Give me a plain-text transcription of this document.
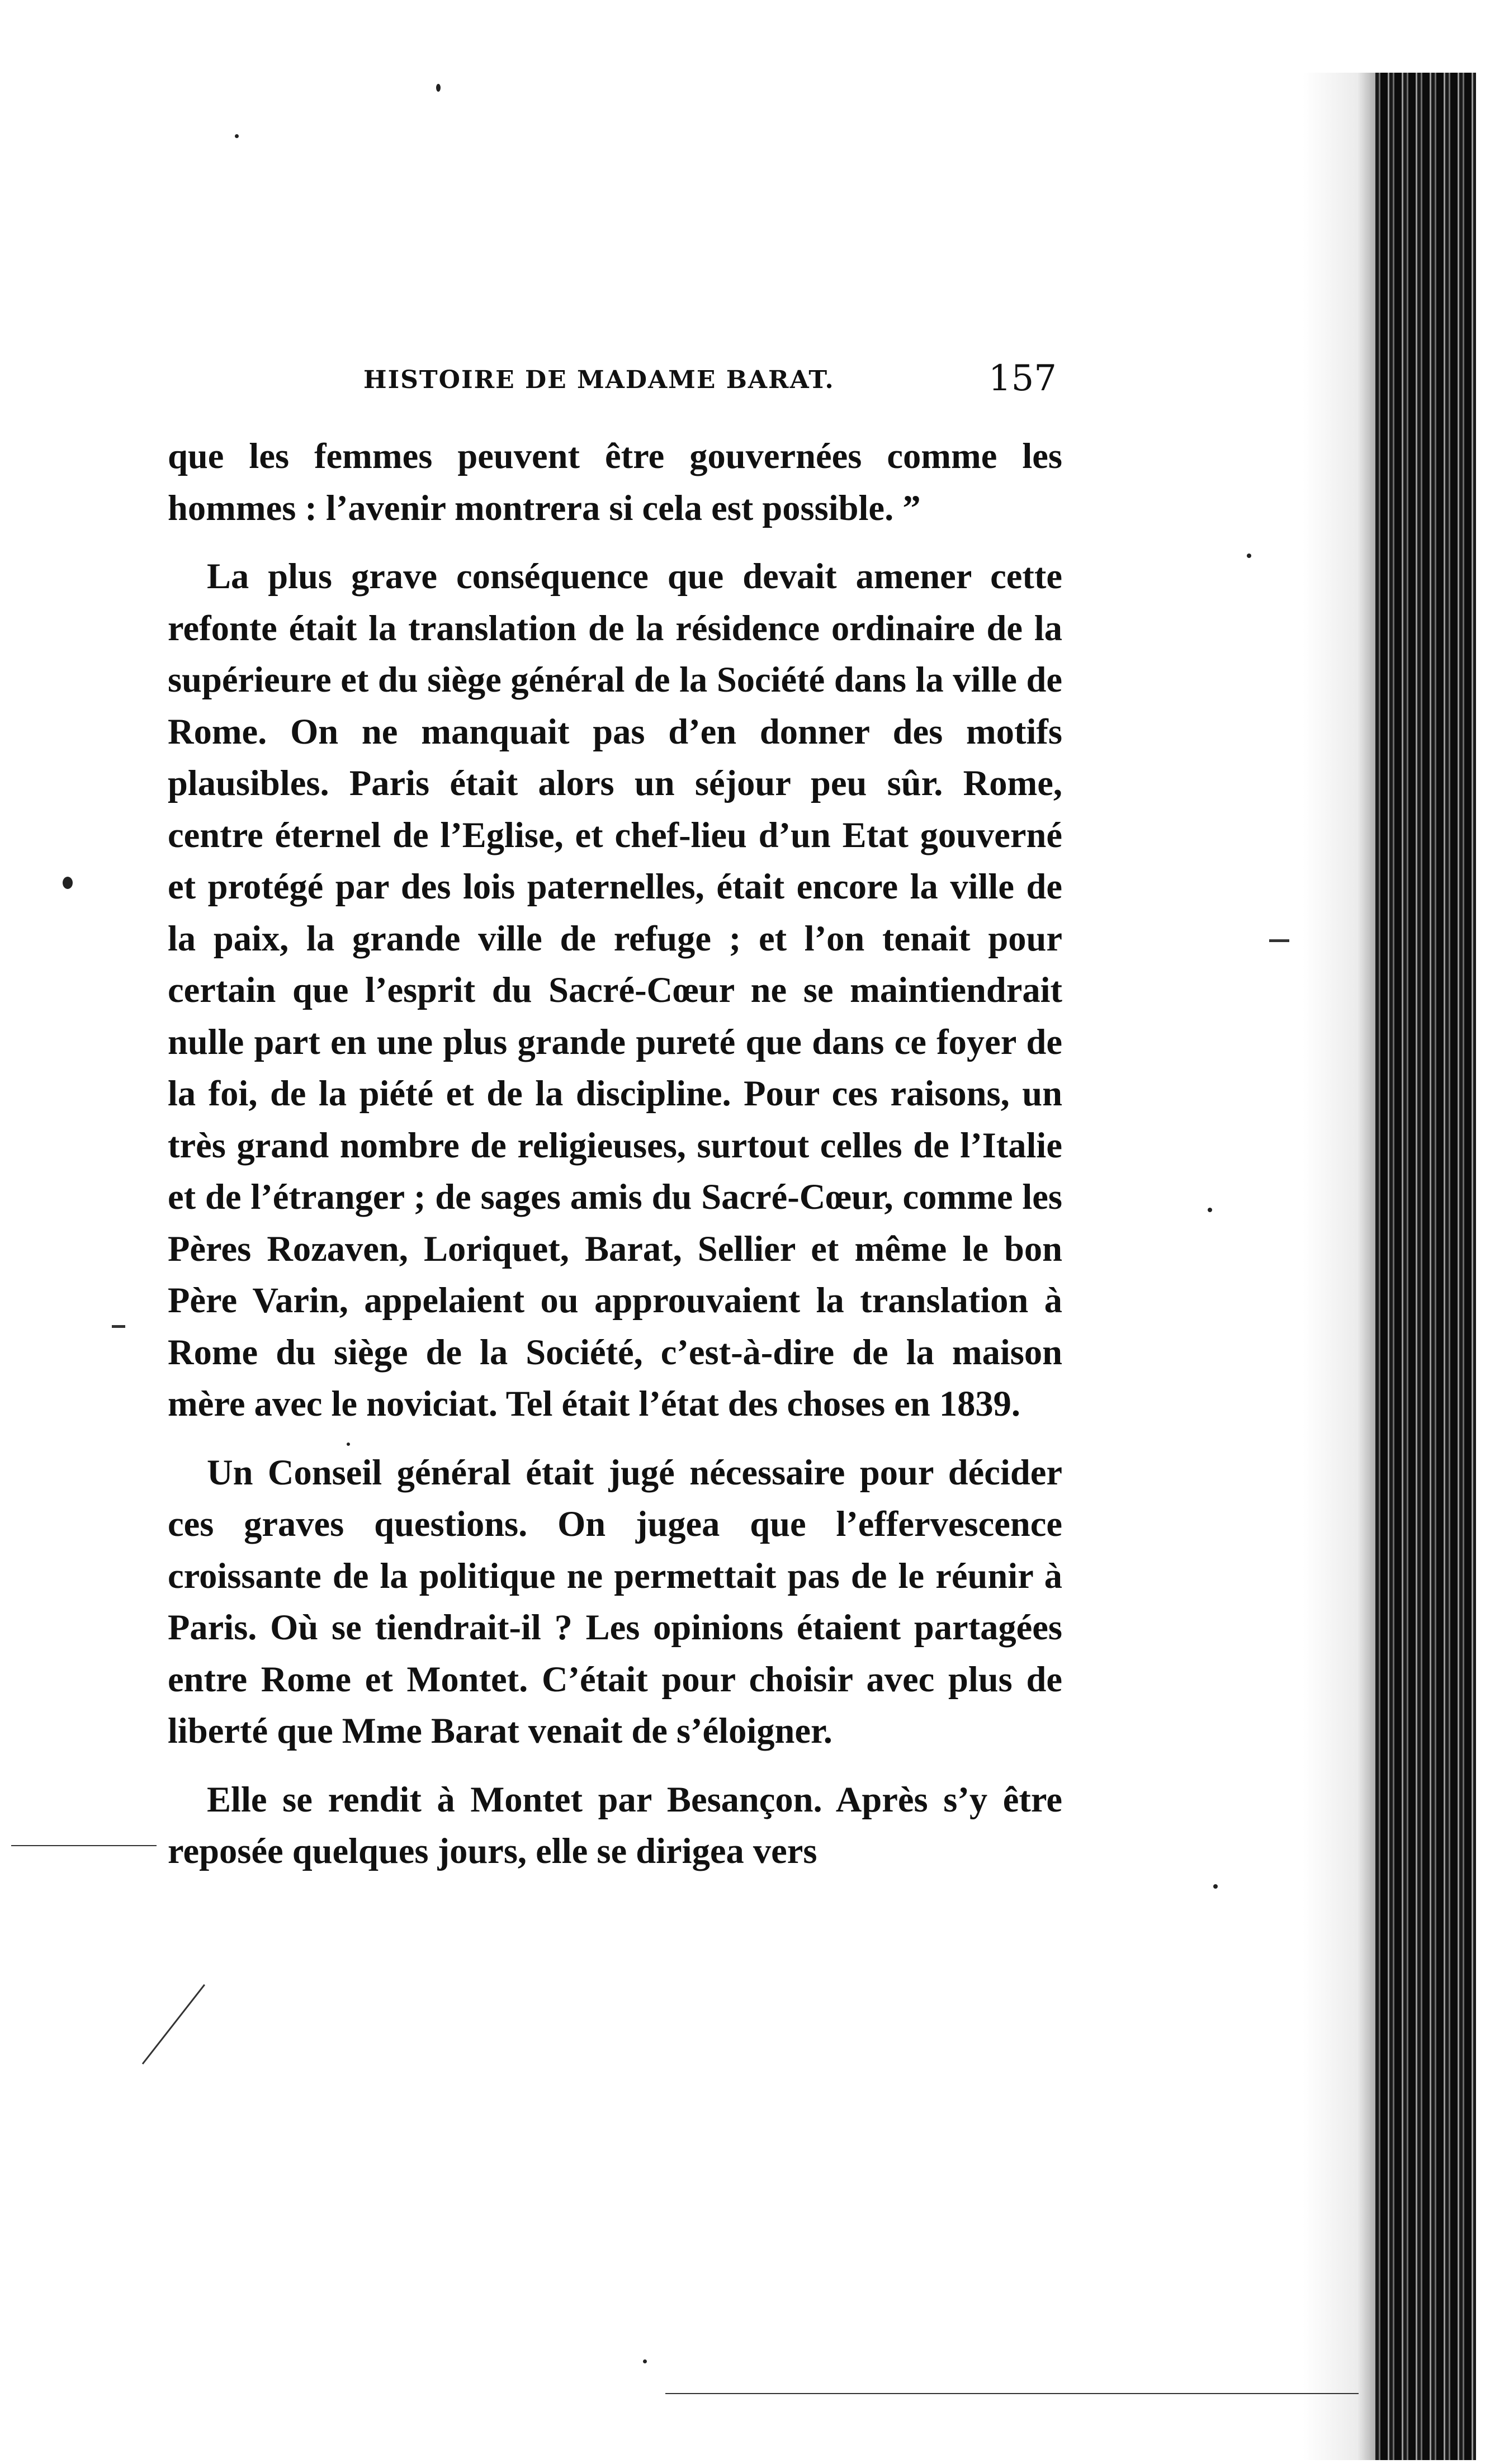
HISTOIRE DE MADAME BARAT.	157

que les femmes peuvent être gouvernées comme les hommes : l’avenir montrera si cela est possible. ”

La plus grave conséquence que devait amener cette refonte était la translation de la résidence ordinaire de la supérieure et du siège général de la Société dans la ville de Rome. On ne manquait pas d’en donner des motifs plausibles. Paris était alors un séjour peu sûr. Rome, centre éternel de l’Eglise, et chef-lieu d’un Etat gouverné et protégé par des lois paternelles, était encore la ville de la paix, la grande ville de refuge ; et l’on tenait pour certain que l’esprit du Sacré-Cœur ne se maintiendrait nulle part en une plus grande pureté que dans ce foyer de la foi, de la piété et de la discipline. Pour ces raisons, un très grand nombre de religieuses, surtout celles de l’Italie et de l’étranger ; de sages amis du Sacré-Cœur, comme les Pères Rozaven, Loriquet, Barat, Sellier et même le bon Père Varin, appelaient ou approuvaient la translation à Rome du siège de la Société, c’est-à-dire de la maison mère avec le noviciat. Tel était l’état des choses en 1839.

Un Conseil général était jugé nécessaire pour décider ces graves questions. On jugea que l’effervescence croissante de la politique ne permettait pas de le réunir à Paris. Où se tiendrait-il ? Les opinions étaient partagées entre Rome et Montet. C’était pour choisir avec plus de liberté que Mme Barat venait de s’éloigner.

Elle se rendit à Montet par Besançon. Après s’y être reposée quelques jours, elle se dirigea vers
